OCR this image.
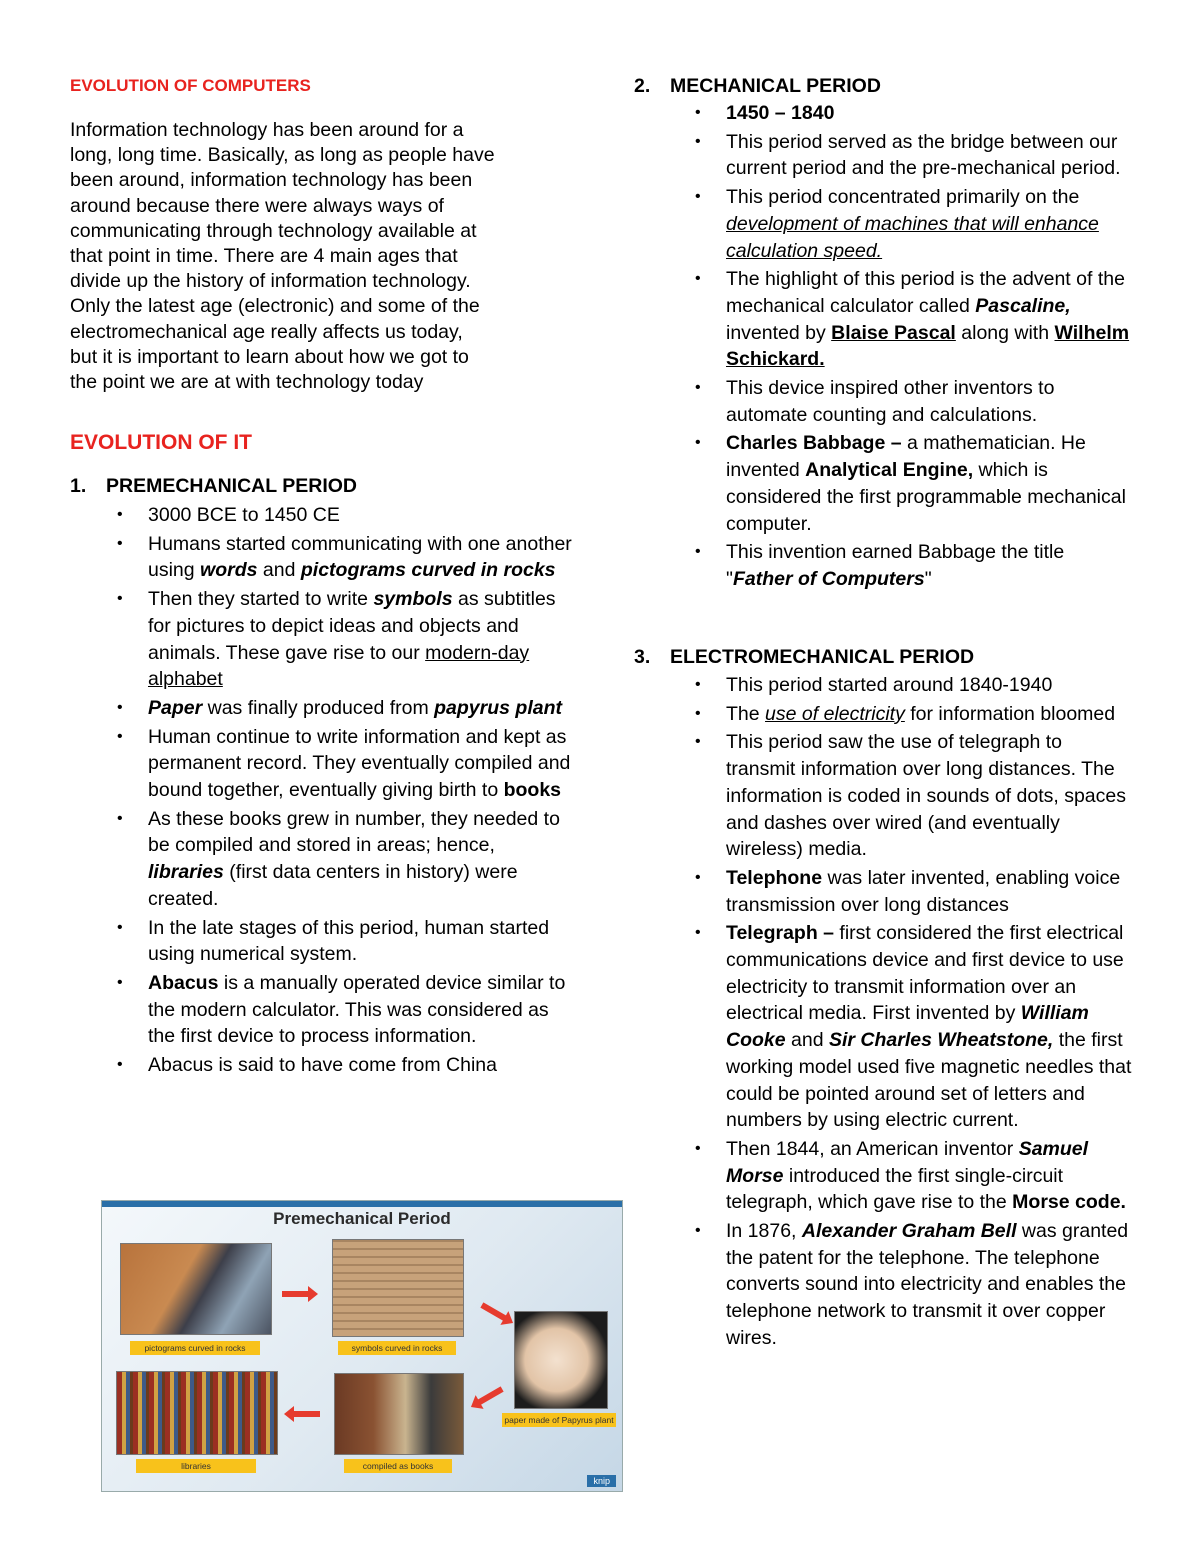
EVOLUTION OF COMPUTERS
Information technology has been around for a
long, long time. Basically, as long as people have
been around, information technology has been
around because there were always ways of
communicating through technology available at
that point in time. There are 4 main ages that
divide up the history of information technology.
Only the latest age (electronic) and some of the
electromechanical age really affects us today,
but it is important to learn about how we got to
the point we are at with technology today
EVOLUTION OF IT
1. PREMECHANICAL PERIOD
• 3000 BCE to 1450 CE
• Humans started communicating with one another using words and pictograms curved in rocks
• Then they started to write symbols as subtitles for pictures to depict ideas and objects and animals. These gave rise to our modern-day alphabet
• Paper was finally produced from papyrus plant
• Human continue to write information and kept as permanent record. They eventually compiled and bound together, eventually giving birth to books
• As these books grew in number, they needed to be compiled and stored in areas; hence, libraries (first data centers in history) were created.
• In the late stages of this period, human started using numerical system.
• Abacus is a manually operated device similar to the modern calculator. This was considered as the first device to process information.
• Abacus is said to have come from China
Premechanical Period
pictograms curved in rocks	symbols curved in rocks
paper made of Papyrus plant
compiled as books
libraries
knip
2. MECHANICAL PERIOD
• 1450 – 1840
• This period served as the bridge between our current period and the pre-mechanical period.
• This period concentrated primarily on the development of machines that will enhance calculation speed.
• The highlight of this period is the advent of the mechanical calculator called Pascaline, invented by Blaise Pascal along with Wilhelm Schickard.
• This device inspired other inventors to automate counting and calculations.
• Charles Babbage – a mathematician. He invented Analytical Engine, which is considered the first programmable mechanical computer.
• This invention earned Babbage the title "Father of Computers"
3. ELECTROMECHANICAL PERIOD
• This period started around 1840-1940
• The use of electricity for information bloomed
• This period saw the use of telegraph to transmit information over long distances. The information is coded in sounds of dots, spaces and dashes over wired (and eventually wireless) media.
• Telephone was later invented, enabling voice transmission over long distances
• Telegraph – first considered the first electrical communications device and first device to use electricity to transmit information over an electrical media. First invented by William Cooke and Sir Charles Wheatstone, the first working model used five magnetic needles that could be pointed around set of letters and numbers by using electric current.
• Then 1844, an American inventor Samuel Morse introduced the first single-circuit telegraph, which gave rise to the Morse code.
• In 1876, Alexander Graham Bell was granted the patent for the telephone. The telephone converts sound into electricity and enables the telephone network to transmit it over copper wires.
